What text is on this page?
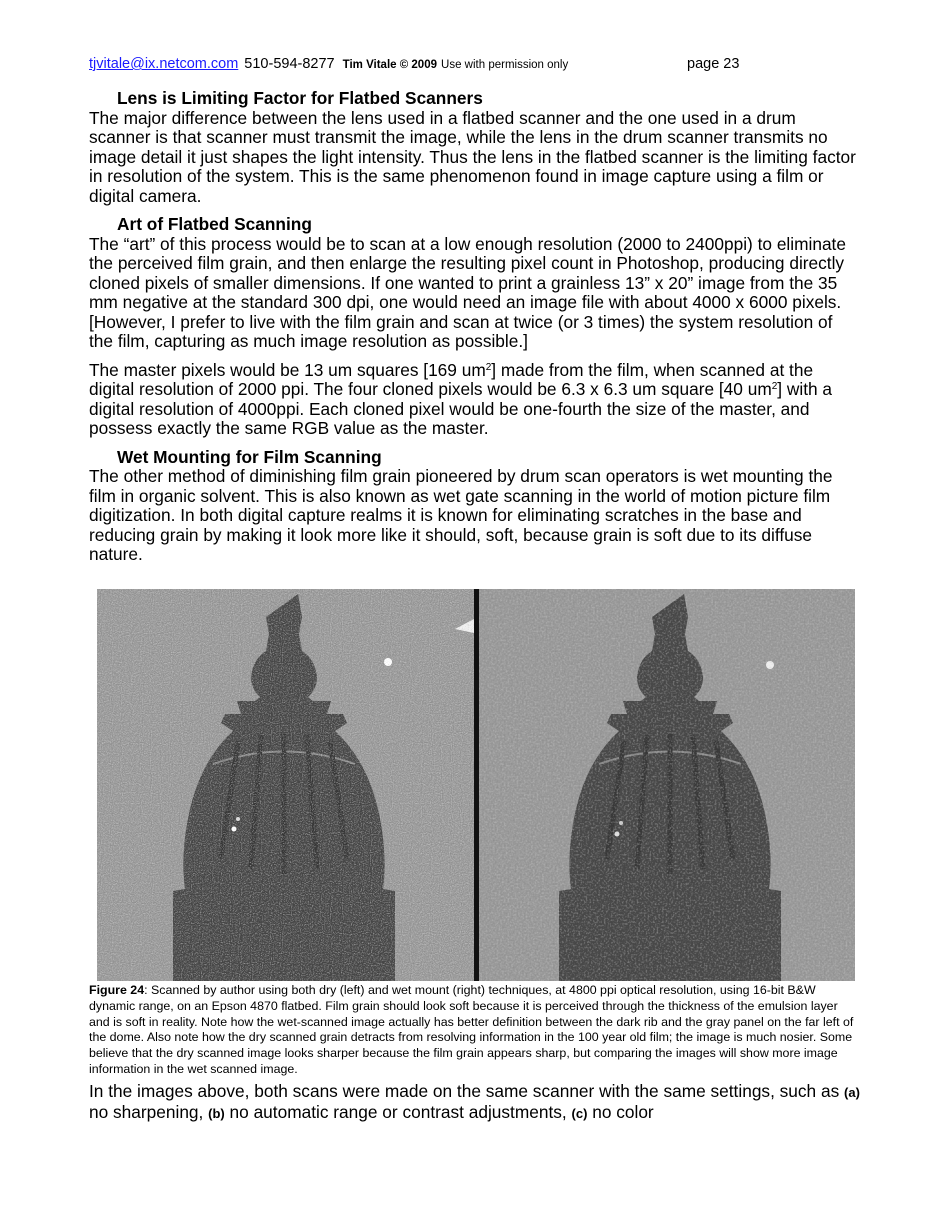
tjvitale@ix.netcom.com 510-594-8277 Tim Vitale © 2009 Use with permission only	page 23

Lens is Limiting Factor for Flatbed Scanners

The major difference between the lens used in a flatbed scanner and the one used in a drum scanner is that scanner must transmit the image, while the lens in the drum scanner transmits no image detail it just shapes the light intensity. Thus the lens in the flatbed scanner is the limiting factor in resolution of the system. This is the same phenomenon found in image capture using a film or digital camera.

Art of Flatbed Scanning

The “art” of this process would be to scan at a low enough resolution (2000 to 2400ppi) to eliminate the perceived film grain, and then enlarge the resulting pixel count in Photoshop, producing directly cloned pixels of smaller dimensions. If one wanted to print a grainless 13” x 20” image from the 35 mm negative at the standard 300 dpi, one would need an image file with about 4000 x 6000 pixels. [However, I prefer to live with the film grain and scan at twice (or 3 times) the system resolution of the film, capturing as much image resolution as possible.]

The master pixels would be 13 um squares [169 $um^2$] made from the film, when scanned at the digital resolution of 2000 ppi. The four cloned pixels would be 6.3 x 6.3 um square [40 $um^2$] with a digital resolution of 4000ppi. Each cloned pixel would be one-fourth the size of the master, and possess exactly the same RGB value as the master.

Wet Mounting for Film Scanning

The other method of diminishing film grain pioneered by drum scan operators is wet mounting the film in organic solvent. This is also known as wet gate scanning in the world of motion picture film digitization. In both digital capture realms it is known for eliminating scratches in the base and reducing grain by making it look more like it should, soft, because grain is soft due to its diffuse nature.

Figure 24: Scanned by author using both dry (left) and wet mount (right) techniques, at 4800 ppi optical resolution, using 16-bit B&W dynamic range, on an Epson 4870 flatbed. Film grain should look soft because it is perceived through the thickness of the emulsion layer and is soft in reality. Note how the wet-scanned image actually has better definition between the dark rib and the gray panel on the far left of the dome. Also note how the dry scanned grain detracts from resolving information in the 100 year old film; the image is much nosier. Some believe that the dry scanned image looks sharper because the film grain appears sharp, but comparing the images will show more image information in the wet scanned image.
In the images above, both scans were made on the same scanner with the same settings, such as (a) no sharpening, (b) no automatic range or contrast adjustments, (c) no color
